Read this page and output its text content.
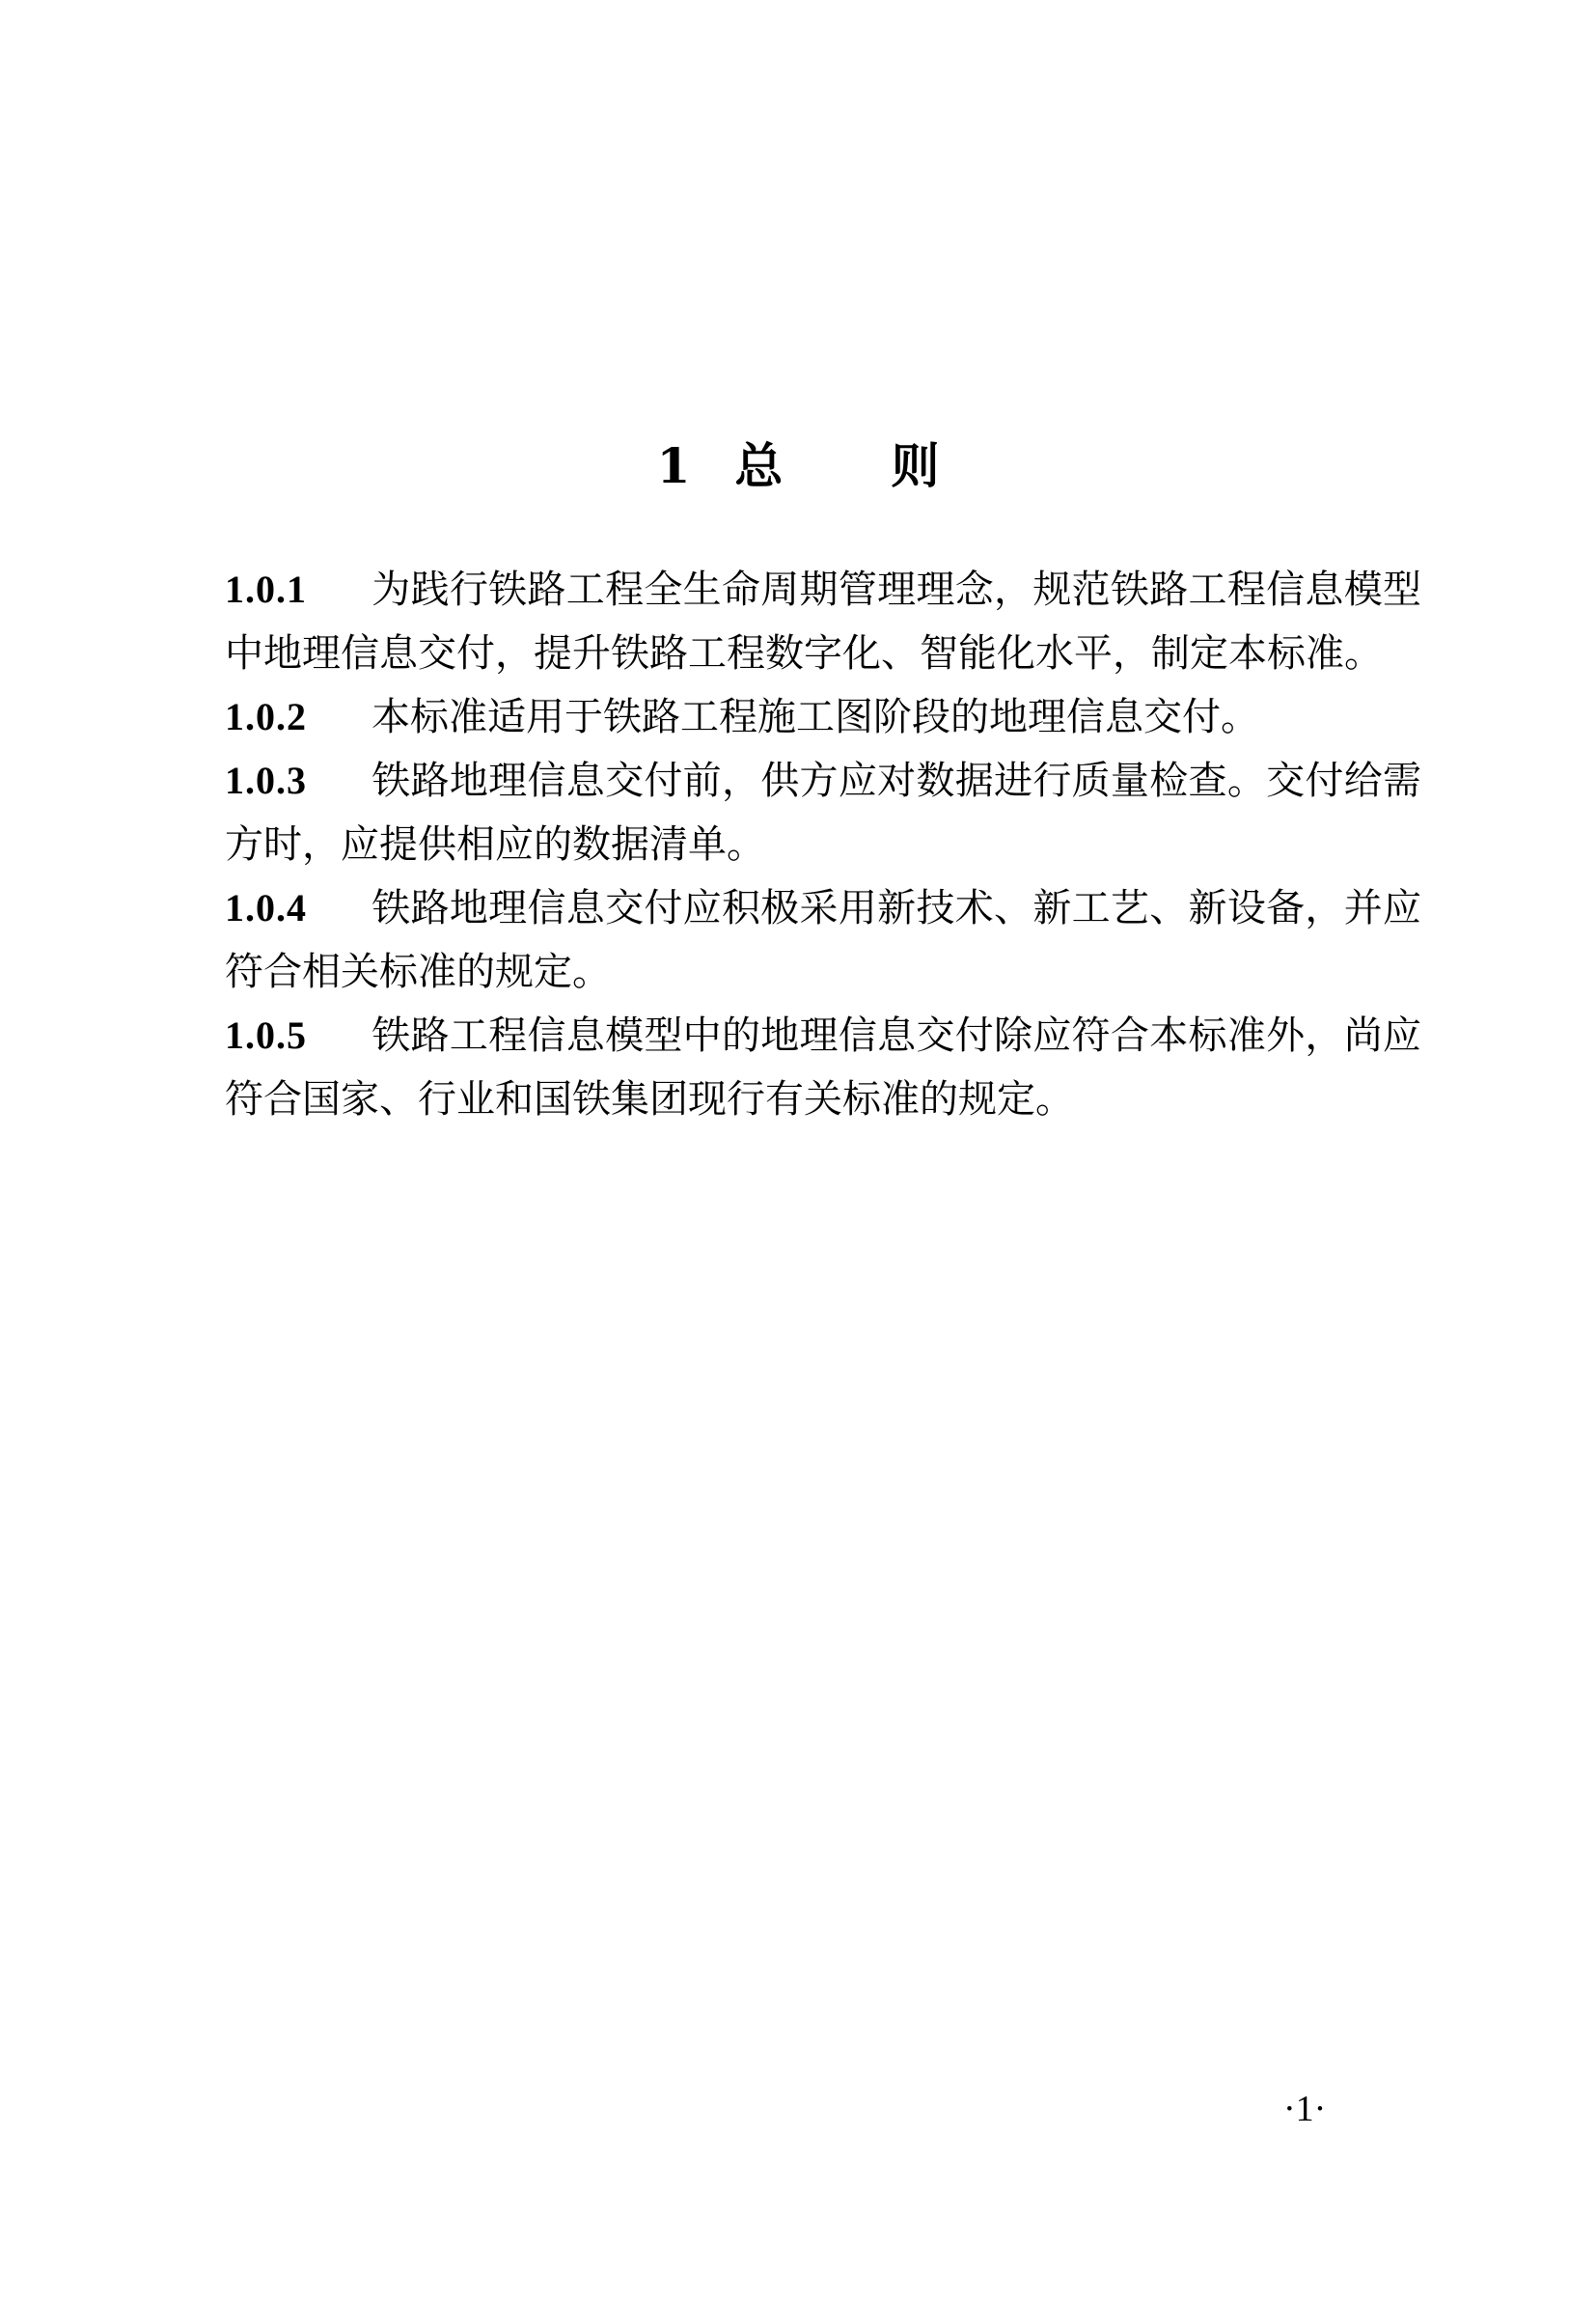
1 总 则

1.0.1 为践行铁路工程全生命周期管理理念，规范铁路工程信息模型中地理信息交付，提升铁路工程数字化、智能化水平，制定本标准。

1.0.2 本标准适用于铁路工程施工图阶段的地理信息交付。

1.0.3 铁路地理信息交付前，供方应对数据进行质量检查。交付给需方时，应提供相应的数据清单。

1.0.4 铁路地理信息交付应积极采用新技术、新工艺、新设备，并应符合相关标准的规定。

1.0.5 铁路工程信息模型中的地理信息交付除应符合本标准外，尚应符合国家、行业和国铁集团现行有关标准的规定。

·1·
